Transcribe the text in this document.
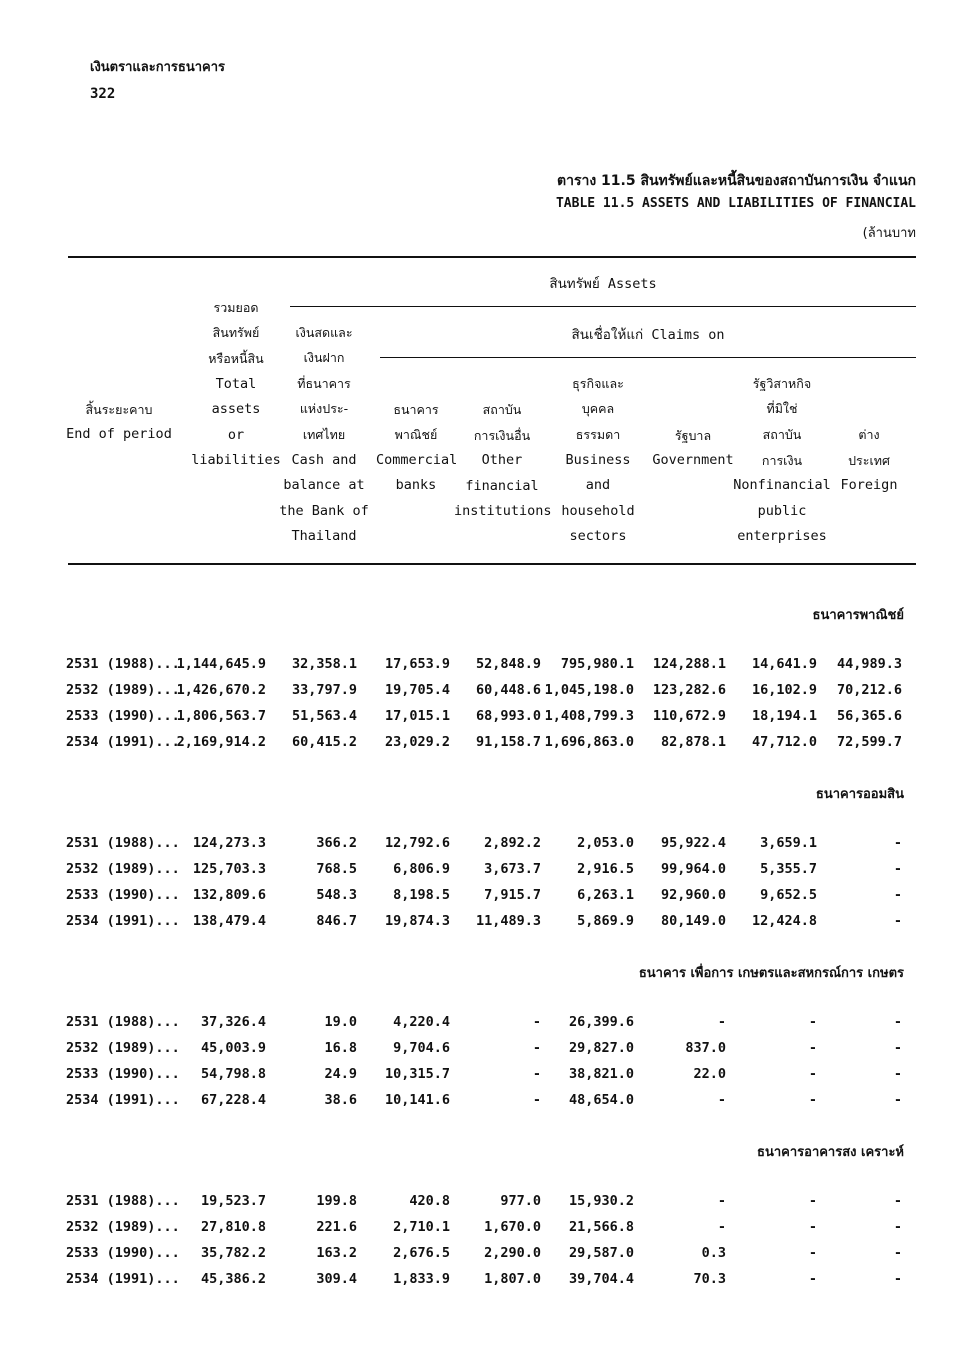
เงินตราและการธนาคาร
322
ตาราง 11.5 สินทรัพย์และหนี้สินของสถาบันการเงิน จำแนก
TABLE 11.5 ASSETS AND LIABILITIES OF FINANCIAL
(ล้านบาท
สินทรัพย์ Assets
สินเชื่อให้แก่ Claims on
สิ้นระยะคาบ
End of period
รวมยอด
สินทรัพย์
หรือหนี้สิน
Total
assets
or
liabilities
เงินสดและ
เงินฝาก
ที่ธนาคาร
แห่งประ-
เทศไทย
Cash and
balance at
the Bank of
Thailand
ธนาคาร
พาณิชย์
Commercial
banks
สถาบัน
การเงินอื่น
Other
financial
institutions
ธุรกิจและ
บุคคล
ธรรมดา
Business
and
household
sectors
รัฐบาล
Government
รัฐวิสาหกิจ
ที่มิใช่
สถาบัน
การเงิน
Nonfinancial
public
enterprises
ต่าง
ประเทศ
Foreign
ธนาคารพาณิชย์
2531 (1988)...
1,144,645.9 32,358.1 17,653.9 52,848.9 795,980.1 124,288.1 14,641.9 44,989.3
2532 (1989)...
1,426,670.2 33,797.9 19,705.4 60,448.6 1,045,198.0 123,282.6 16,102.9 70,212.6
2533 (1990)...
1,806,563.7 51,563.4 17,015.1 68,993.0 1,408,799.3 110,672.9 18,194.1 56,365.6
2534 (1991)...
2,169,914.2 60,415.2 23,029.2 91,158.7 1,696,863.0 82,878.1 47,712.0 72,599.7
ธนาคารออมสิน
2531 (1988)... 124,273.3	366.2 12,792.6	2,892.2	2,053.0 95,922.4	3,659.1	-
2532 (1989)... 125,703.3	768.5	6,806.9	3,673.7	2,916.5 99,964.0	5,355.7	-
2533 (1990)... 132,809.6	548.3	8,198.5	7,915.7	6,263.1 92,960.0	9,652.5	-
2534 (1991)... 138,479.4	846.7 19,874.3 11,489.3	5,869.9 80,149.0 12,424.8	-
ธนาคาร เพื่อการ เกษตรและสหกรณ์การ เกษตร
2531 (1988)... 37,326.4	19.0	4,220.4	- 26,399.6	-	-	-
2532 (1989)... 45,003.9	16.8	9,704.6	- 29,827.0	837.0	-	-
2533 (1990)... 54,798.8	24.9 10,315.7	- 38,821.0	22.0	-	-
2534 (1991)... 67,228.4	38.6 10,141.6	- 48,654.0	-	-	-
ธนาคารอาคารสง เคราะห์
2531 (1988)... 19,523.7	199.8	420.8	977.0 15,930.2	-	-	-
2532 (1989)... 27,810.8	221.6	2,710.1	1,670.0 21,566.8	-	-	-
2533 (1990)... 35,782.2	163.2	2,676.5	2,290.0 29,587.0	0.3	-	-
2534 (1991)... 45,386.2	309.4	1,833.9	1,807.0 39,704.4	70.3	-	-
